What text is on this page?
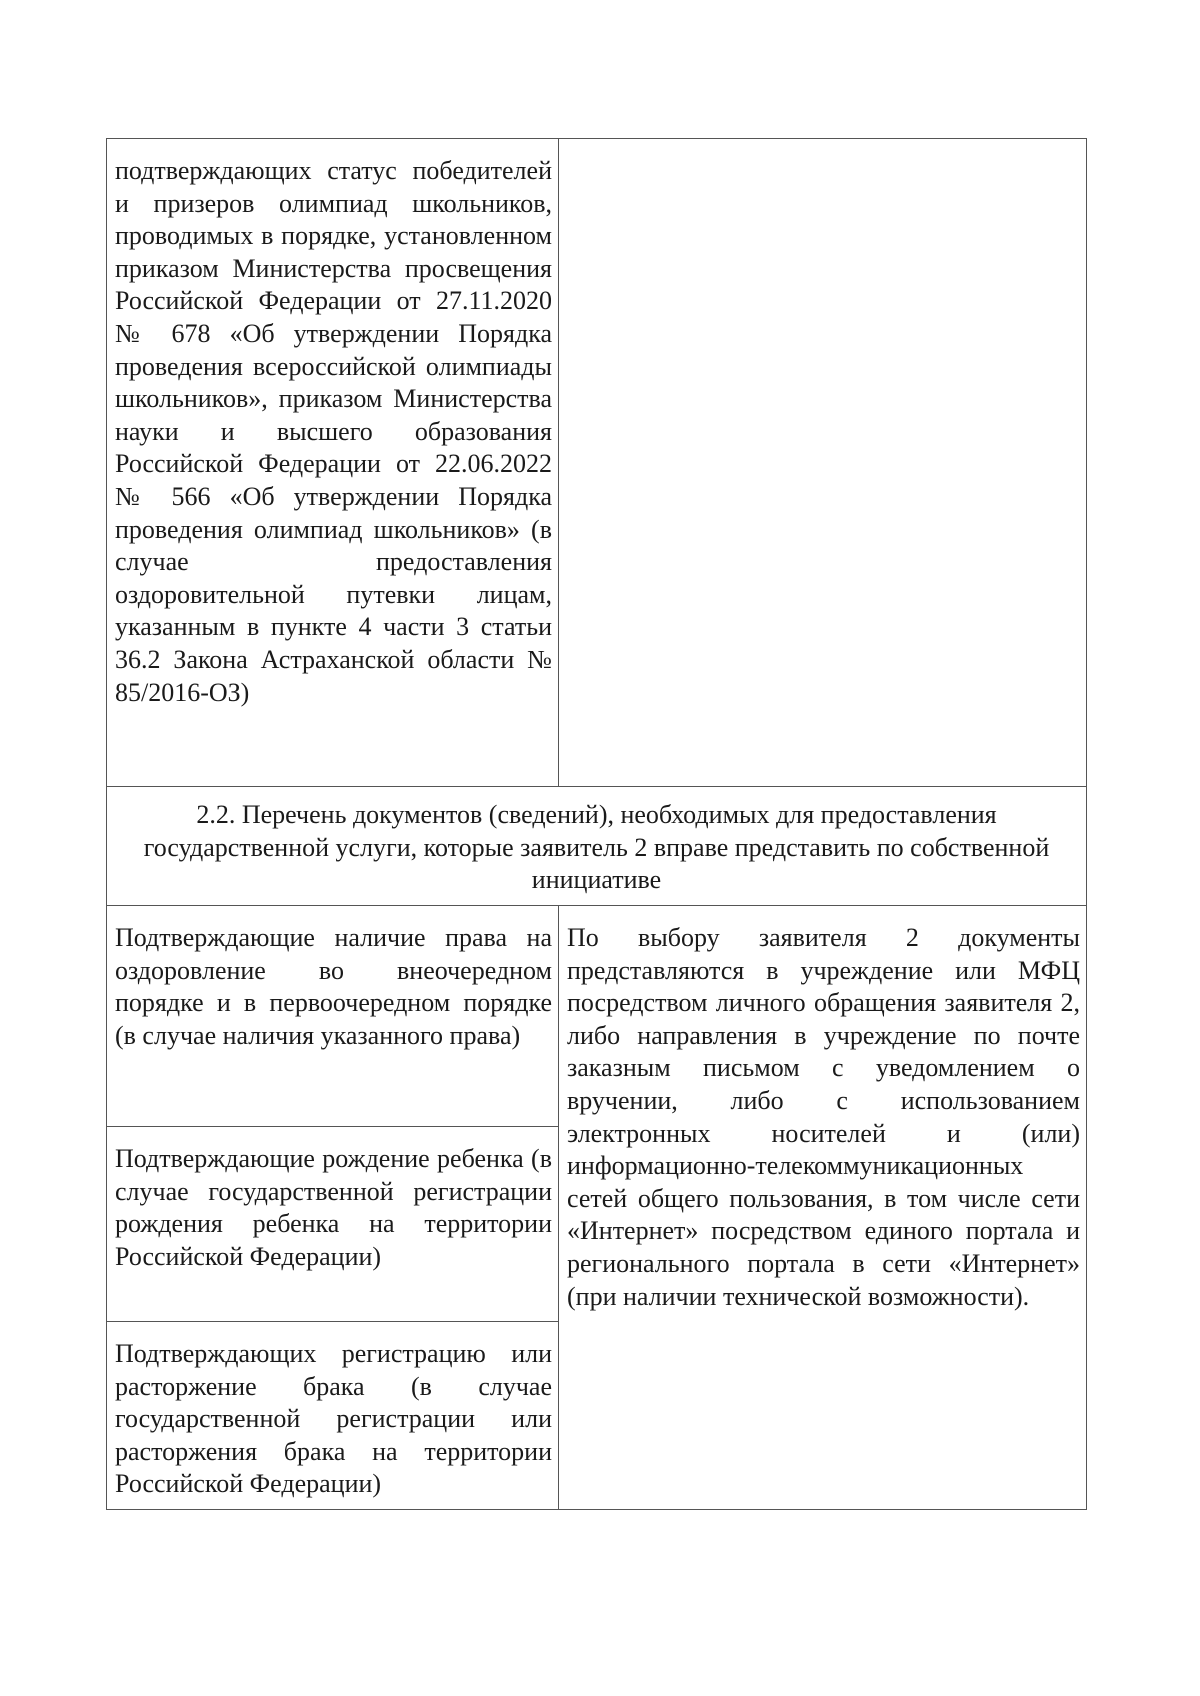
подтверждающих статус победителей и призеров олимпиад школьников, проводимых в порядке, установленном приказом Министерства просвещения Российской Федерации от 27.11.2020 № 678 «Об утверждении Порядка проведения всероссийской олимпиады школьников», приказом Министерства науки и высшего образования Российской Федерации от 22.06.2022 № 566 «Об утверждении Порядка проведения олимпиад школьников» (в случае предоставления оздоровительной путевки лицам, указанным в пункте 4 части 3 статьи 36.2 Закона Астраханской области № 85/2016-ОЗ)	

2.2. Перечень документов (сведений), необходимых для предоставления государственной услуги, которые заявитель 2 вправе представить по собственной инициативе	

Подтверждающие наличие права на оздоровление во внеочередном порядке и в первоочередном порядке (в случае наличия указанного права)	По выбору заявителя 2 документы представляются в учреждение или МФЦ посредством личного обращения заявителя 2, либо направления в учреждение по почте заказным письмом с уведомлением о вручении, либо с использованием электронных носителей и (или) информационно-телекоммуникационных сетей общего пользования, в том числе сети «Интернет» посредством единого портала и регионального портала в сети «Интернет» (при наличии технической возможности).

Подтверждающие рождение ребенка (в случае государственной регистрации рождения ребенка на территории Российской Федерации)	

Подтверждающих регистрацию или расторжение брака (в случае государственной регистрации или расторжения брака на территории Российской Федерации)	
